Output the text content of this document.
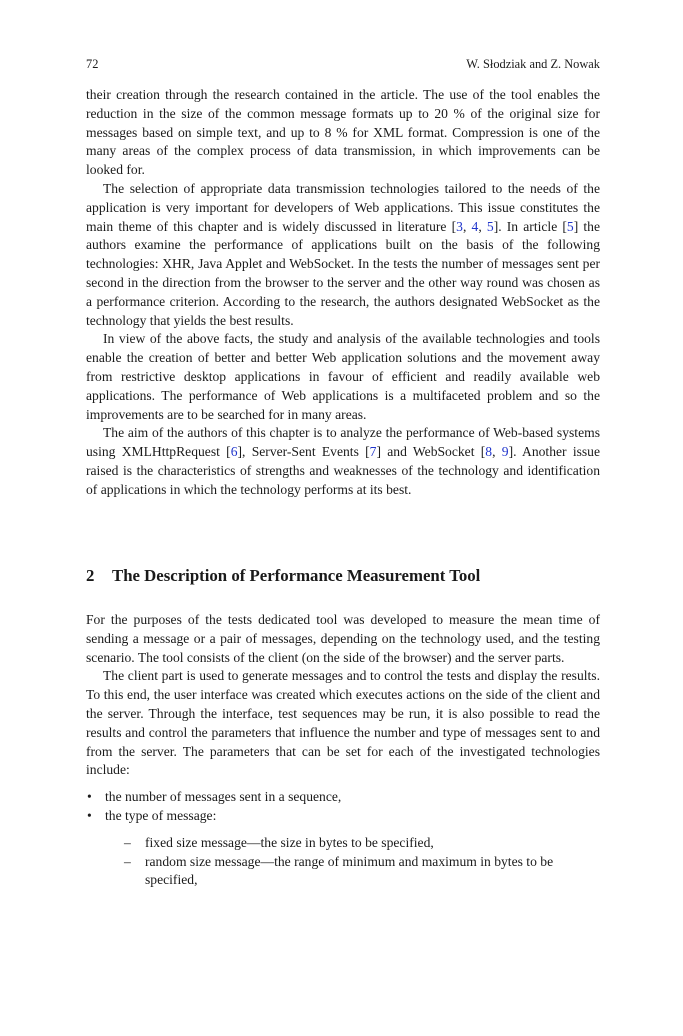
72	W. Słodziak and Z. Nowak

their creation through the research contained in the article. The use of the tool enables the reduction in the size of the common message formats up to 20 % of the original size for messages based on simple text, and up to 8 % for XML format. Compression is one of the many areas of the complex process of data transmission, in which improvements can be looked for.

The selection of appropriate data transmission technologies tailored to the needs of the application is very important for developers of Web applications. This issue constitutes the main theme of this chapter and is widely discussed in literature [3, 4, 5]. In article [5] the authors examine the performance of applications built on the basis of the following technologies: XHR, Java Applet and WebSocket. In the tests the number of messages sent per second in the direction from the browser to the server and the other way round was chosen as a performance criterion. According to the research, the authors designated WebSocket as the technology that yields the best results.

In view of the above facts, the study and analysis of the available technologies and tools enable the creation of better and better Web application solutions and the movement away from restrictive desktop applications in favour of efficient and readily available web applications. The performance of Web applications is a multifaceted problem and so the improvements are to be searched for in many areas.

The aim of the authors of this chapter is to analyze the performance of Web-based systems using XMLHttpRequest [6], Server-Sent Events [7] and WebSocket [8, 9]. Another issue raised is the characteristics of strengths and weaknesses of the technology and identification of applications in which the technology performs at its best.

2 The Description of Performance Measurement Tool

For the purposes of the tests dedicated tool was developed to measure the mean time of sending a message or a pair of messages, depending on the technology used, and the testing scenario. The tool consists of the client (on the side of the browser) and the server parts.

The client part is used to generate messages and to control the tests and display the results. To this end, the user interface was created which executes actions on the side of the client and the server. Through the interface, test sequences may be run, it is also possible to read the results and control the parameters that influence the number and type of messages sent to and from the server. The parameters that can be set for each of the investigated technologies include:

• the number of messages sent in a sequence,
• the type of message:
– fixed size message—the size in bytes to be specified,
– random size message—the range of minimum and maximum in bytes to be specified,
